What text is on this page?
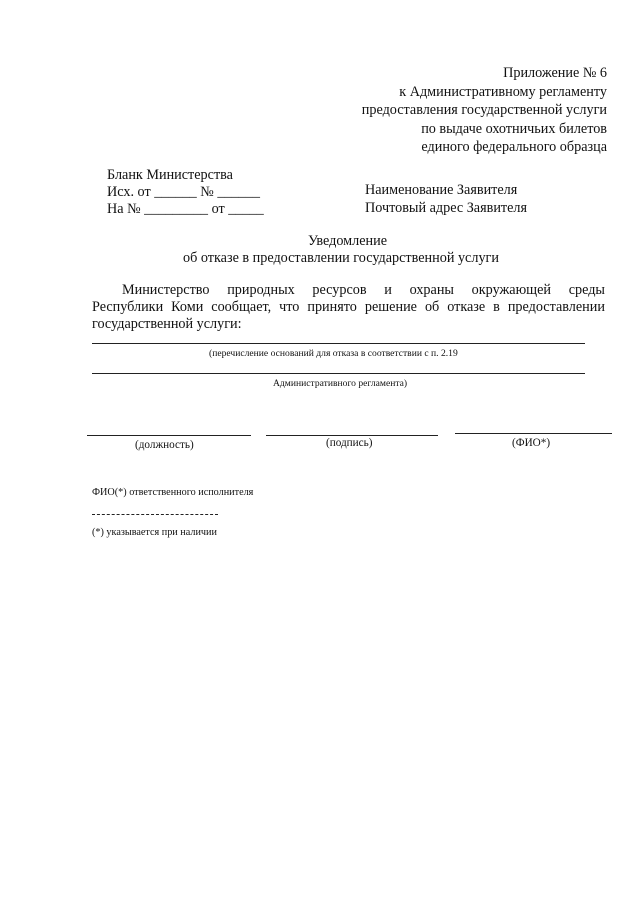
Приложение № 6
к Административному регламенту
предоставления государственной услуги
по выдаче охотничьих билетов
единого федерального образца
Бланк Министерства
Исх. от ______ № ______
На № _________ от _____
Наименование Заявителя
Почтовый адрес Заявителя
Уведомление
об отказе в предоставлении государственной услуги
Министерство природных ресурсов и охраны окружающей среды
Республики Коми сообщает, что принято решение об отказе в предоставлении
государственной услуги:
(перечисление оснований для отказа в соответствии с п. 2.19
Административного регламента)
(должность)	(подпись)	(ФИО*)
ФИО(*) ответственного исполнителя
(*) указывается при наличии
